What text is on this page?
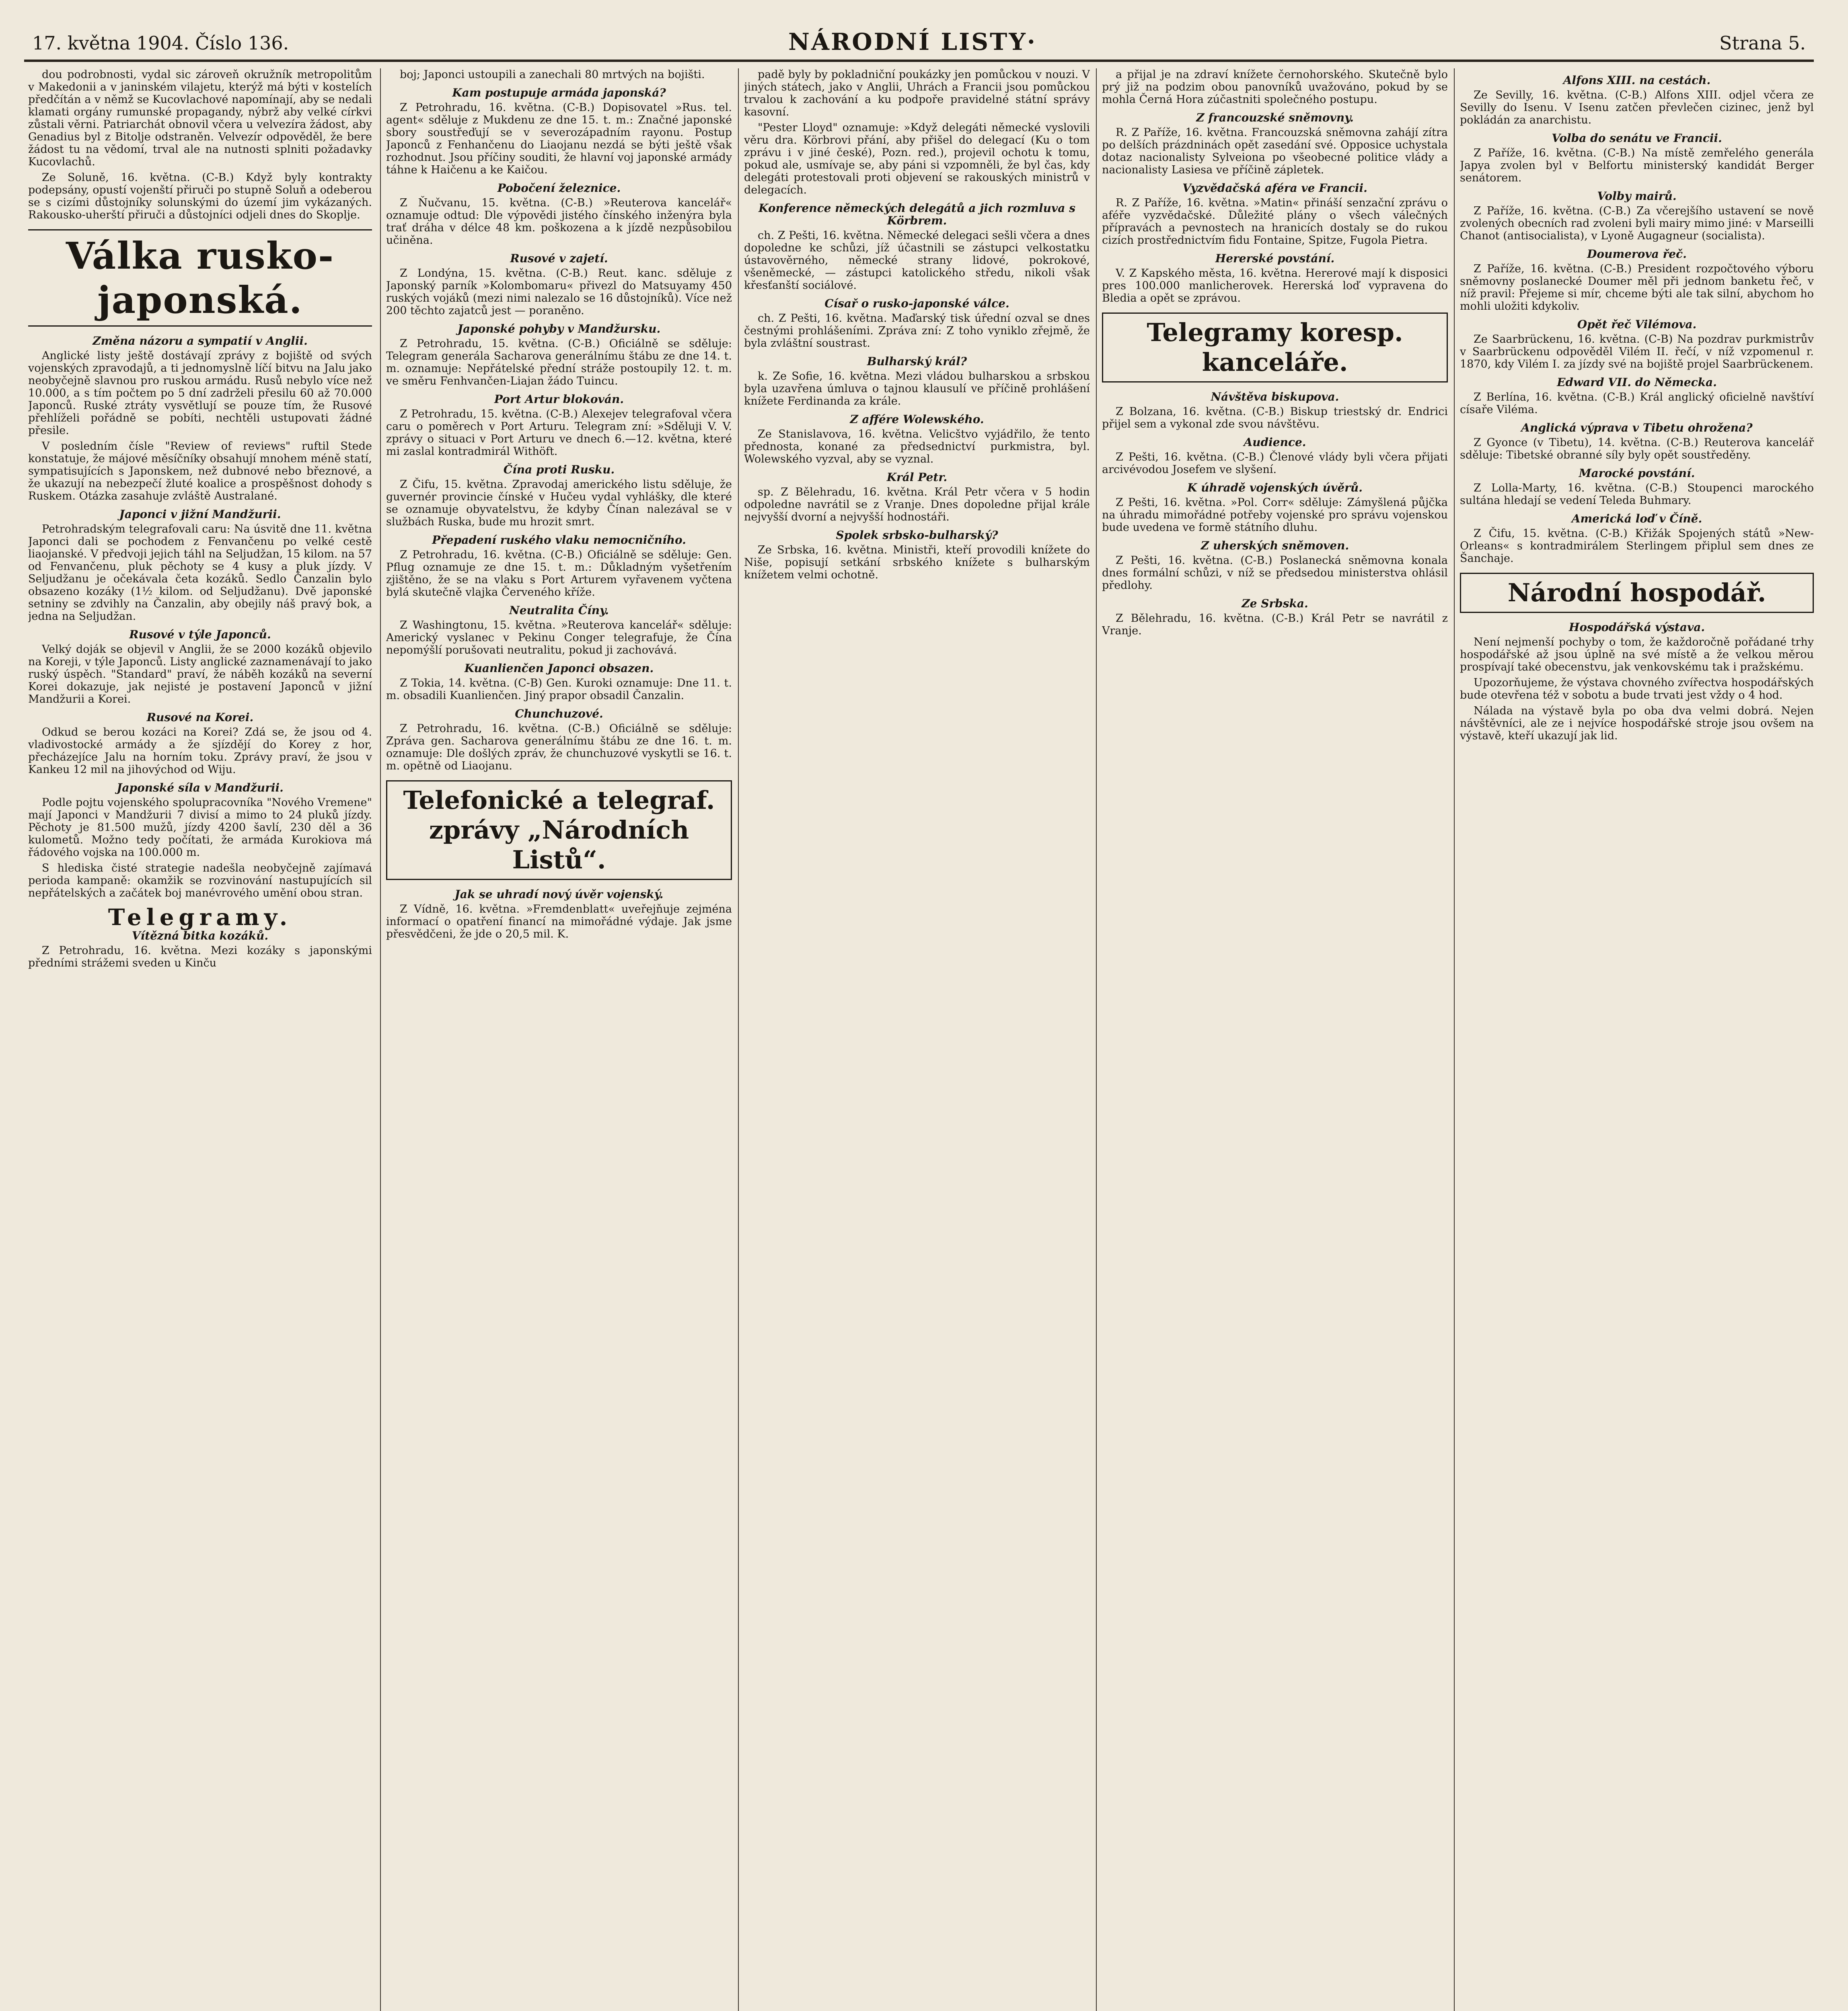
17. května 1904. Číslo 136.	NÁRODNÍ LISTY·	Strana 5.

dou podrobnosti, vydal sic zároveň okružník metropolitům v Makedonii a v janinském vilajetu, kterýž má býti v kostelích předčítán a v němž se Kucovlachové napomínají, aby se nedali klamati orgány rumunské propagandy, nýbrž aby velké církvi zůstali věrni. Patriarchát obnovil včera u velvezíra žádost, aby Genadius byl z Bitolje odstraněn. Velvezír odpověděl, že bere žádost tu na vědomí, trval ale na nutnosti splniti požadavky Kucovlachů.

Ze Soluně, 16. května. (C-B.) Když byly kontrakty podepsány, opustí vojenští přiruči po stupně Soluň a odeberou se s cizími důstojníky solunskými do území jim vykázaných. Rakousko-uherští přiruči a důstojníci odjeli dnes do Skoplje.

Válka rusko-japonská.
Změna názoru a sympatií v Anglii.

Anglické listy ještě dostávají zprávy z bojiště od svých vojenských zpravodajů, a ti jednomyslně líčí bitvu na Jalu jako neobyčejně slavnou pro ruskou armádu. Rusů nebylo více než 10.000, a s tím počtem po 5 dní zadrželi přesilu 60 až 70.000 Japonců. Ruské ztráty vysvětlují se pouze tím, že Rusové přehlíželi pořádně se pobíti, nechtěli ustupovati žádné přesile.

V posledním čísle "Review of reviews" ruftil Stede konstatuje, že májové měsíčníky obsahují mnohem méně statí, sympatisujících s Japonskem, než dubnové nebo březnové, a že ukazují na nebezpečí žluté koalice a prospěšnost dohody s Ruskem. Otázka zasahuje zvláště Australané.

Japonci v jižní Mandžurii.

Petrohradským telegrafovali caru: Na úsvitě dne 11. května Japonci dali se pochodem z Fenvančenu po velké cestě liaojanské. V předvoji jejich táhl na Seljudžan, 15 kilom. na 57 od Fenvančenu, pluk pěchoty se 4 kusy a pluk jízdy. V Seljudžanu je očekávala četa kozáků. Sedlo Čanzalin bylo obsazeno kozáky (1½ kilom. od Seljudžanu). Dvě japonské setniny se zdvihly na Čanzalin, aby obejily náš pravý bok, a jedna na Seljudžan.

Rusové v týle Japonců.

Velký doják se objevil v Anglii, že se 2000 kozáků objevilo na Koreji, v týle Japonců. Listy anglické zaznamenávají to jako ruský úspěch. "Standard" praví, že náběh kozáků na severní Korei dokazuje, jak nejisté je postavení Japonců v jižní Mandžurii a Korei.

Rusové na Korei.

Odkud se berou kozáci na Korei? Zdá se, že jsou od 4. vladivostocké armády a že sjízdějí do Korey z hor, přecházejíce Jalu na horním toku. Zprávy praví, že jsou v Kankeu 12 mil na jihovýchod od Wiju.

Japonské síla v Mandžurii.

Podle pojtu vojenského spolupracovníka "Nového Vremene" mají Japonci v Mandžurii 7 divisí a mimo to 24 pluků jízdy. Pěchoty je 81.500 mužů, jízdy 4200 šavlí, 230 děl a 36 kulometů. Možno tedy počítati, že armáda Kurokiova má řádového vojska na 100.000 m.

S hlediska čisté strategie nadešla neobyčejně zajímavá perioda kampaně: okamžik se rozvinování nastupujících sil nepřátelských a začátek boj manévrového umění obou stran.

Telegramy.
Vítězná bitka kozáků.

Z Petrohradu, 16. května. Mezi kozáky s japonskými předními strážemi sveden u Kinču

boj; Japonci ustoupili a zanechali 80 mrtvých na bojišti.

Kam postupuje armáda japonská?

Z Petrohradu, 16. května. (C-B.) Dopisovatel »Rus. tel. agent« sděluje z Mukdenu ze dne 15. t. m.: Značné japonské sbory soustřeďují se v severozápadním rayonu. Postup Japonců z Fenhančenu do Liaojanu nezdá se býti ještě však rozhodnut. Jsou příčiny souditi, že hlavní voj japonské armády táhne k Haičenu a ke Kaičou.

Pobočení železnice.

Z Ňučvanu, 15. května. (C-B.) »Reuterova kancelář« oznamuje odtud: Dle výpovědi jistého čínského inženýra byla trať dráha v délce 48 km. poškozena a k jízdě nezpůsobilou učiněna.

Rusové v zajetí.

Z Londýna, 15. května. (C-B.) Reut. kanc. sděluje z Japonský parník »Kolombomaru« přivezl do Matsuyamy 450 ruských vojáků (mezi nimi nalezalo se 16 důstojníků). Více než 200 těchto zajatců jest — poraněno.

Japonské pohyby v Mandžursku.

Z Petrohradu, 15. května. (C-B.) Oficiálně se sděluje: Telegram generála Sacharova generálnímu štábu ze dne 14. t. m. oznamuje: Nepřátelské přední stráže postoupily 12. t. m. ve směru Fenhvančen-Liajan žádo Tuincu.

Port Artur blokován.

Z Petrohradu, 15. května. (C-B.) Alexejev telegrafoval včera caru o poměrech v Port Arturu. Telegram zní: »Sděluji V. V. zprávy o situaci v Port Arturu ve dnech 6.—12. května, které mi zaslal kontradmirál Withöft.

Čína proti Rusku.

Z Čifu, 15. května. Zpravodaj amerického listu sděluje, že guvernér provincie čínské v Hučeu vydal vyhlášky, dle které se oznamuje obyvatelstvu, že kdyby Čínan nalezával se v službách Ruska, bude mu hrozit smrt.

Přepadení ruského vlaku nemocničního.

Z Petrohradu, 16. května. (C-B.) Oficiálně se sděluje: Gen. Pflug oznamuje ze dne 15. t. m.: Důkladným vyšetřením zjištěno, že se na vlaku s Port Arturem vyřavenem vyčtena bylá skutečně vlajka Červeného kříže.

Neutralita Číny.

Z Washingtonu, 15. května. »Reuterova kancelář« sděluje: Americký vyslanec v Pekinu Conger telegrafuje, že Čína nepomýšlí porušovati neutralitu, pokud ji zachovává.

Kuanlienčen Japonci obsazen.

Z Tokia, 14. května. (C-B) Gen. Kuroki oznamuje: Dne 11. t. m. obsadili Kuanlienčen. Jiný prapor obsadil Čanzalin.

Chunchuzové.

Z Petrohradu, 16. května. (C-B.) Oficiálně se sděluje: Zpráva gen. Sacharova generálnímu štábu ze dne 16. t. m. oznamuje: Dle došlých zpráv, že chunchuzové vyskytli se 16. t. m. opětně od Liaojanu.

Telefonické a telegraf. zprávy „Národních Listů“.
Jak se uhradí nový úvěr vojenský.

Z Vídně, 16. května. »Fremdenblatt« uveřejňuje zejména informací o opatření financí na mimořádné výdaje. Jak jsme přesvědčeni, že jde o 20,5 mil. K.

padě byly by pokladniční poukázky jen pomůckou v nouzi. V jiných státech, jako v Anglii, Uhrách a Francii jsou pomůckou trvalou k zachování a ku podpoře pravidelné státní správy kasovní.

"Pester Lloyd" oznamuje: »Když delegáti německé vyslovili věru dra. Körbrovi přání, aby přišel do delegací (Ku o tom zprávu i v jiné české), Pozn. red.), projevil ochotu k tomu, pokud ale, usmívaje se, aby páni si vzpomněli, že byl čas, kdy delegáti protestovali proti objevení se rakouských ministrů v delegacích.

Konference německých delegátů a jich rozmluva s Körbrem.

ch. Z Pešti, 16. května. Německé delegaci sešli včera a dnes dopoledne ke schůzi, jíž účastnili se zástupci velkostatku ústavověrného, německé strany lidové, pokrokové, všeněmecké, — zástupci katolického středu, nikoli však křesťanští sociálové.

Císař o rusko-japonské válce.

ch. Z Pešti, 16. května. Maďarský tisk úřední ozval se dnes čestnými prohlášeními. Zpráva zní: Z toho vyniklo zřejmě, že byla zvláštní soustrast.

Bulharský král?

k. Ze Sofie, 16. května. Mezi vládou bulharskou a srbskou byla uzavřena úmluva o tajnou klausulí ve příčině prohlášení knížete Ferdinanda za krále.

Z affére Wolewského.

Ze Stanislavova, 16. května. Velicštvo vyjádřilo, že tento přednosta, konané za předsednictví purkmistra, byl. Wolewského vyzval, aby se vyznal.

Král Petr.

sp. Z Bělehradu, 16. května. Král Petr včera v 5 hodin odpoledne navrátil se z Vranje. Dnes dopoledne přijal krále nejvyšší dvorní a nejvyšší hodnostáři.

Spolek srbsko-bulharský?

Ze Srbska, 16. května. Ministři, kteří provodili knížete do Niše, popisují setkání srbského knížete s bulharským knížetem velmi ochotně.

a přijal je na zdraví knížete černohorského. Skutečně bylo prý již na podzim obou panovníků uvažováno, pokud by se mohla Černá Hora zúčastniti společného postupu.

Z francouzské sněmovny.

R. Z Paříže, 16. května. Francouzská sněmovna zahájí zítra po delších prázdninách opět zasedání své. Opposice uchystala dotaz nacionalisty Sylveiona po všeobecné politice vlády a nacionalisty Lasiesa ve příčině zápletek.

Vyzvědačská aféra ve Francii.

R. Z Paříže, 16. května. »Matin« přináší senzační zprávu o aféře vyzvědačské. Důležité plány o všech válečných přípravách a pevnostech na hranicích dostaly se do rukou cizích prostřednictvím fidu Fontaine, Spitze, Fugola Pietra.

Hererské povstání.

V. Z Kapského města, 16. května. Hererové mají k disposici pres 100.000 manlicherovek. Hererská loď vypravena do Bledia a opět se zprávou.

Telegramy koresp. kanceláře.
Návštěva biskupova.

Z Bolzana, 16. května. (C-B.) Biskup triestský dr. Endrici přijel sem a vykonal zde svou návštěvu.

Audience.

Z Pešti, 16. května. (C-B.) Členové vlády byli včera přijati arcivévodou Josefem ve slyšení.

K úhradě vojenských úvěrů.

Z Pešti, 16. května. »Pol. Corr« sděluje: Zámyšlená půjčka na úhradu mimořádné potřeby vojenské pro správu vojenskou bude uvedena ve formě státního dluhu.

Z uherských sněmoven.

Z Pešti, 16. května. (C-B.) Poslanecká sněmovna konala dnes formální schůzi, v níž se předsedou ministerstva ohlásil předlohy.

Ze Srbska.

Z Bělehradu, 16. května. (C-B.) Král Petr se navrátil z Vranje.

Alfons XIII. na cestách.

Ze Sevilly, 16. května. (C-B.) Alfons XIII. odjel včera ze Sevilly do Isenu. V Isenu zatčen převlečen cizinec, jenž byl pokládán za anarchistu.

Volba do senátu ve Francii.

Z Paříže, 16. května. (C-B.) Na místě zemřelého generála Japya zvolen byl v Belfortu ministerský kandidát Berger senátorem.

Volby mairů.

Z Paříže, 16. května. (C-B.) Za včerejšího ustavení se nově zvolených obecních rad zvoleni byli mairy mimo jiné: v Marseilli Chanot (antisocialista), v Lyoně Augagneur (socialista).

Doumerova řeč.

Z Paříže, 16. května. (C-B.) President rozpočtového výboru sněmovny poslanecké Doumer měl při jednom banketu řeč, v níž pravil: Přejeme si mír, chceme býti ale tak silní, abychom ho mohli uložiti kdykoliv.

Opět řeč Vilémova.

Ze Saarbrückenu, 16. května. (C-B) Na pozdrav purkmistrův v Saarbrückenu odpověděl Vilém II. řečí, v níž vzpomenul r. 1870, kdy Vilém I. za jízdy své na bojiště projel Saarbrückenem.

Edward VII. do Německa.

Z Berlína, 16. května. (C-B.) Král anglický oficielně navštíví císaře Viléma.

Anglická výprava v Tibetu ohrožena?

Z Gyonce (v Tibetu), 14. května. (C-B.) Reuterova kancelář sděluje: Tibetské obranné síly byly opět soustředěny.

Marocké povstání.

Z Lolla-Marty, 16. května. (C-B.) Stoupenci marockého sultána hledají se vedení Teleda Buhmary.

Americká loď v Číně.

Z Čifu, 15. května. (C-B.) Křižák Spojených států »New-Orleans« s kontradmirálem Sterlingem připlul sem dnes ze Šanchaje.

Národní hospodář.
Hospodářská výstava.

Není nejmenší pochyby o tom, že každoročně pořádané trhy hospodářské až jsou úplně na své místě a že velkou měrou prospívají také obecenstvu, jak venkovskému tak i pražskému.

Upozorňujeme, že výstava chovného zvířectva hospodářských bude otevřena též v sobotu a bude trvati jest vždy o 4 hod.

Nálada na výstavě byla po oba dva velmi dobrá. Nejen návštěvníci, ale ze i nejvíce hospodářské stroje jsou ovšem na výstavě, kteří ukazují jak lid.
